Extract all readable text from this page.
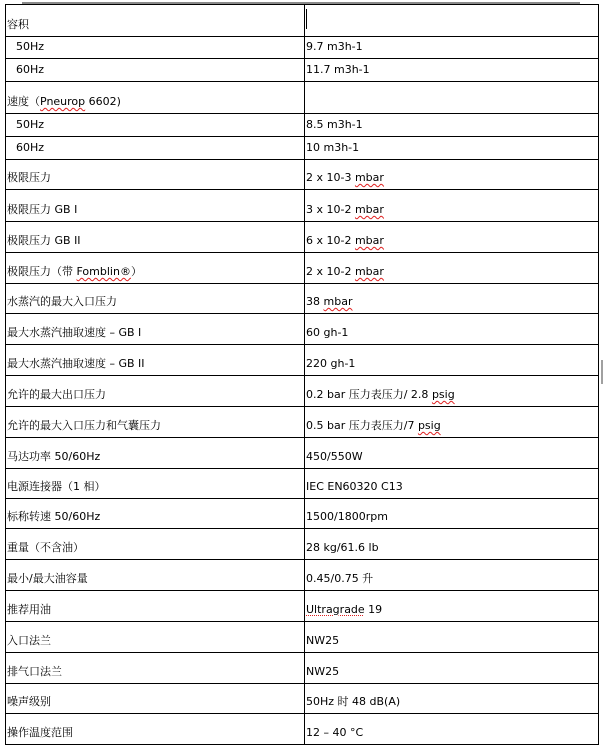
容积	
50Hz	9.7 m3h-1
60Hz	11.7 m3h-1
速度（Pneurop 6602)	
50Hz	8.5 m3h-1
60Hz	10 m3h-1
极限压力	2 x 10-3 mbar
极限压力 GB I	3 x 10-2 mbar
极限压力 GB II	6 x 10-2 mbar
极限压力（带 Fomblin®）	2 x 10-2 mbar
水蒸汽的最大入口压力	38 mbar
最大水蒸汽抽取速度 – GB I	60 gh-1
最大水蒸汽抽取速度 – GB II	220 gh-1
允许的最大出口压力	0.2 bar 压力表压力/ 2.8 psig
允许的最大入口压力和气囊压力	0.5 bar 压力表压力/7 psig
马达功率 50/60Hz	450/550W
电源连接器（1 相）	IEC EN60320 C13
标称转速 50/60Hz	1500/1800rpm
重量（不含油）	28 kg/61.6 lb
最小/最大油容量	0.45/0.75 升
推荐用油	Ultragrade 19
入口法兰	NW25
排气口法兰	NW25
噪声级别	50Hz 时 48 dB(A)
操作温度范围	12 – 40 °C
